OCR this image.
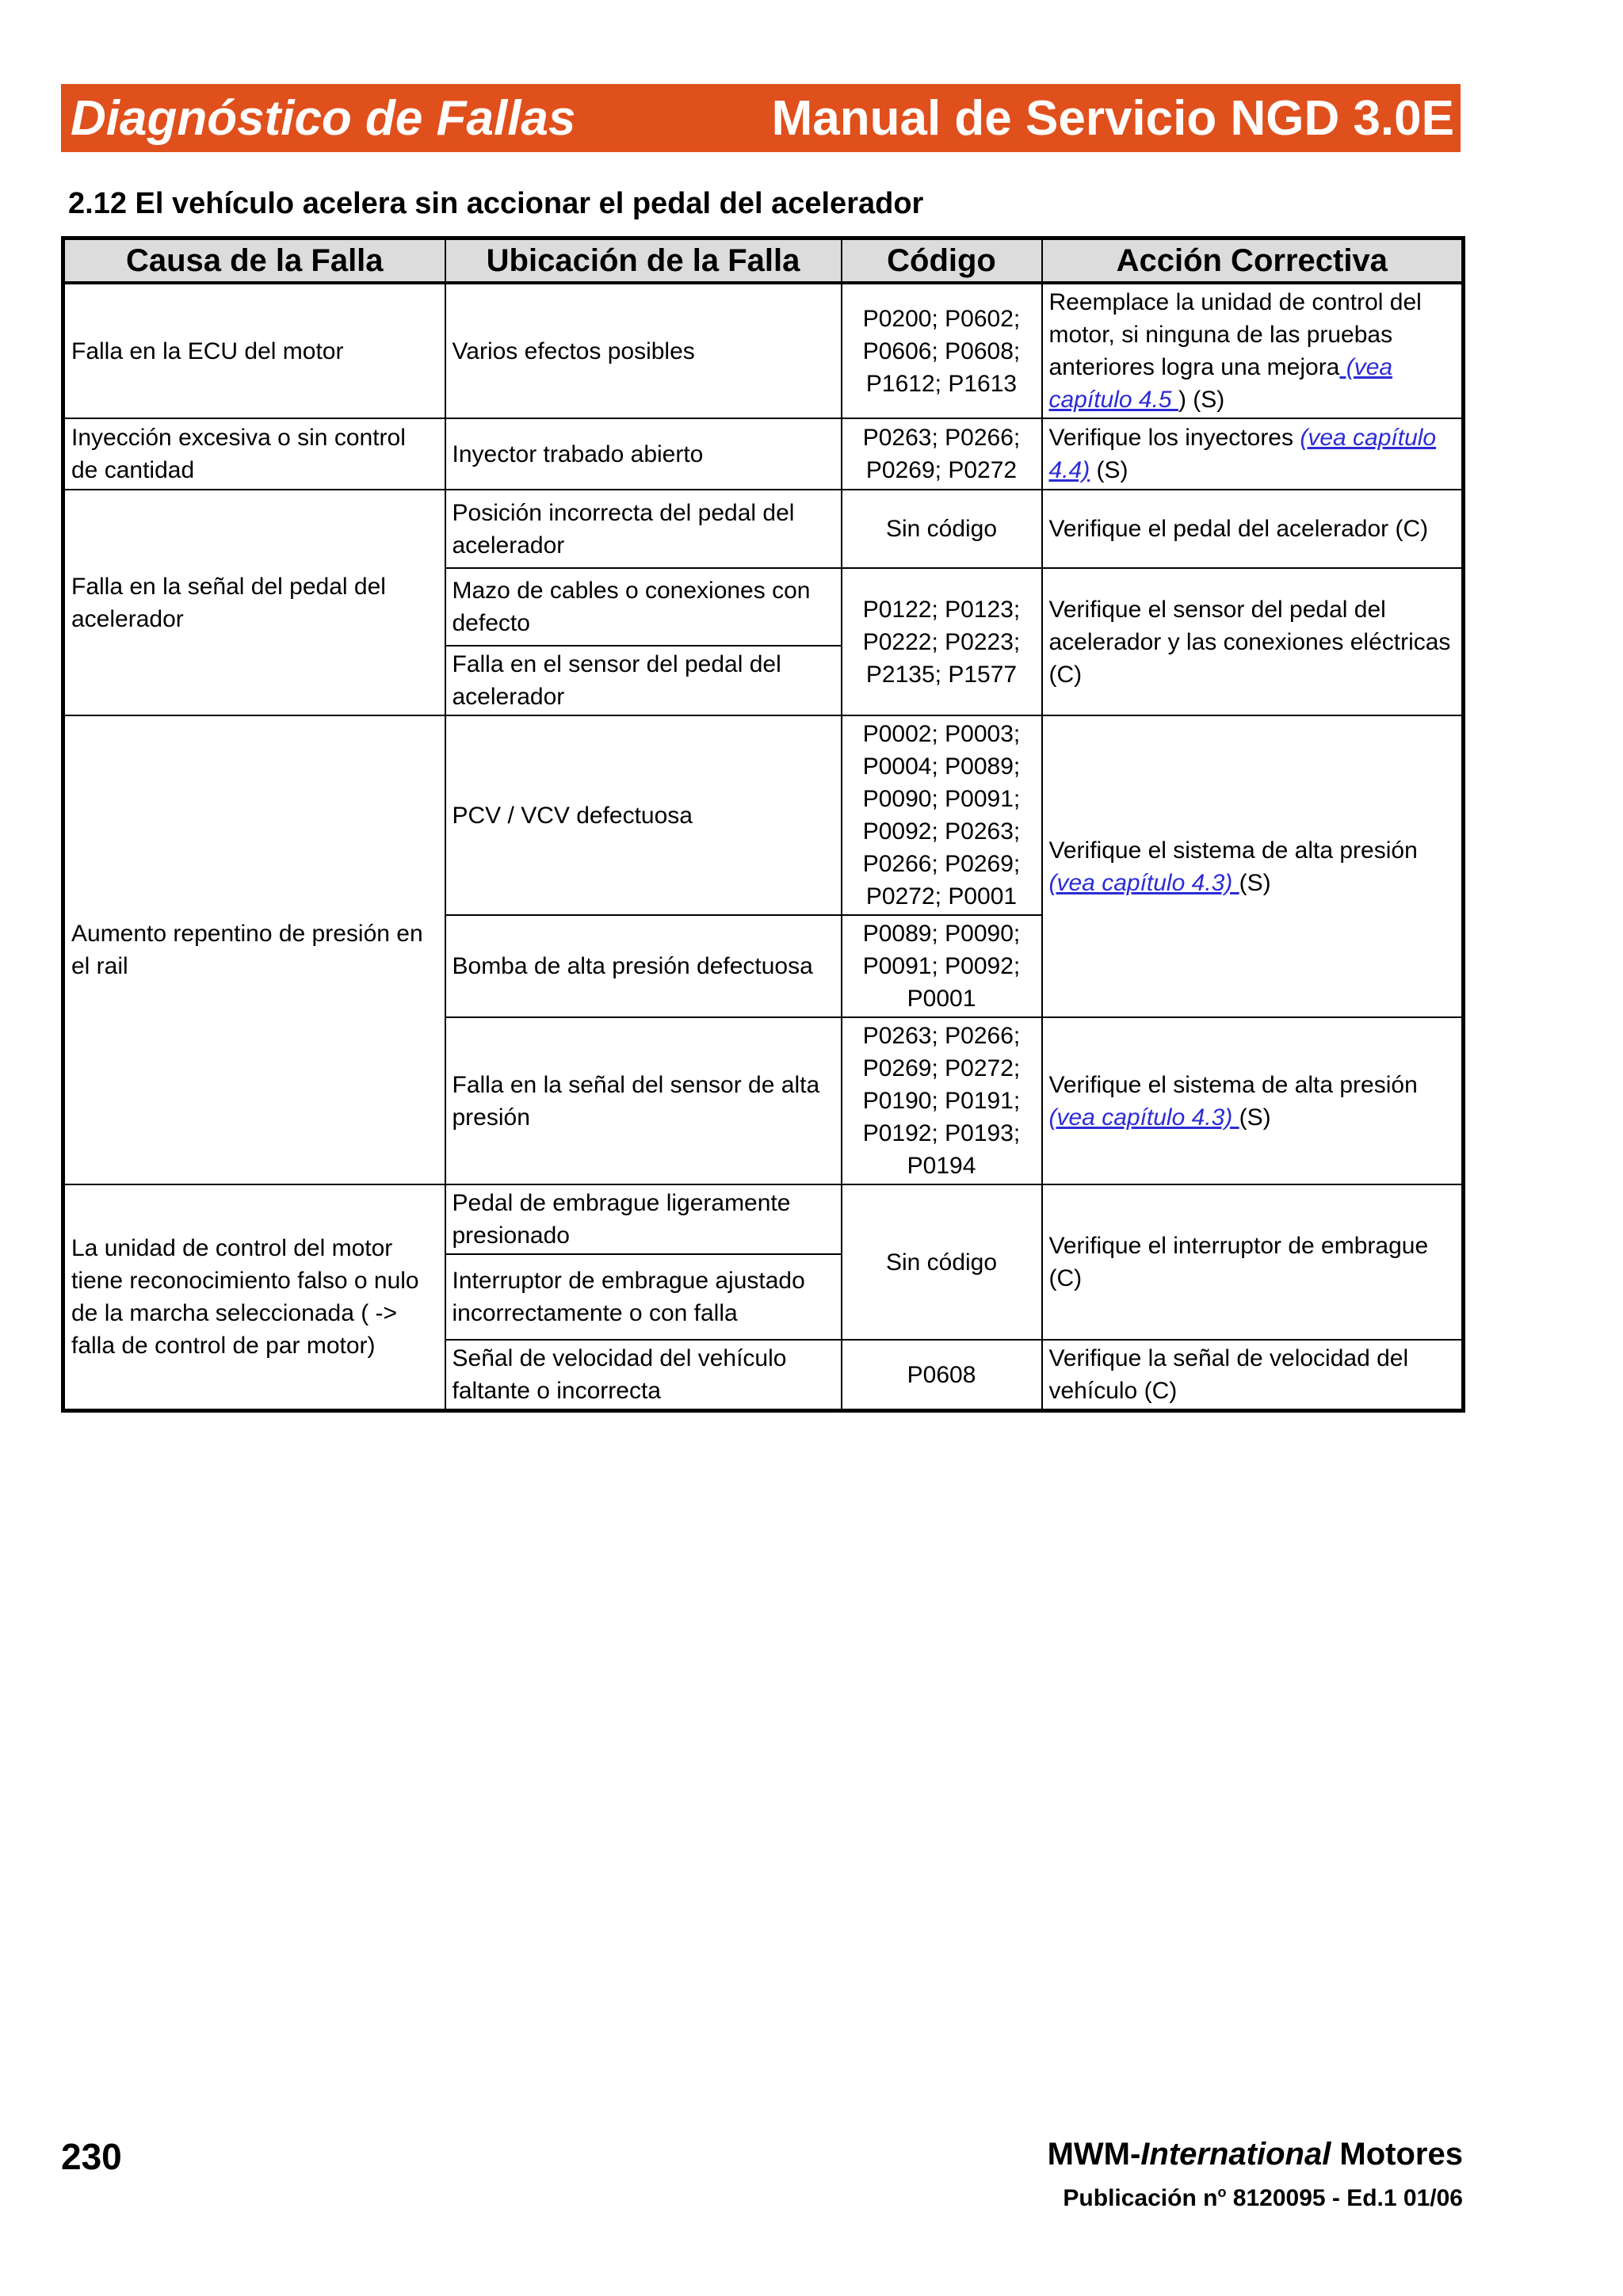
Diagnóstico de Fallas	Manual de Servicio NGD 3.0E
2.12 El vehículo acelera sin accionar el pedal del acelerador
Causa de la Falla	Ubicación de la Falla	Código	Acción Correctiva
Falla en la ECU del motor	Varios efectos posibles	P0200; P0602; P0606; P0608; P1612; P1613	Reemplace la unidad de control del motor, si ninguna de las pruebas anteriores logra una mejora (vea capítulo 4.5 ) (S)
Inyección excesiva o sin control de cantidad	Inyector trabado abierto	P0263; P0266; P0269; P0272	Verifique los inyectores (vea capítulo 4.4) (S)
Falla en la señal del pedal del acelerador	Posición incorrecta del pedal del acelerador	Sin código	Verifique el pedal del acelerador (C)
	Mazo de cables o conexiones con defecto	P0122; P0123; P0222; P0223; P2135; P1577	Verifique el sensor del pedal del acelerador y las conexiones eléctricas (C)
	Falla en el sensor del pedal del acelerador		
Aumento repentino de presión en el rail	PCV / VCV defectuosa	P0002; P0003; P0004; P0089; P0090; P0091; P0092; P0263; P0266; P0269; P0272; P0001	Verifique el sistema de alta presión (vea capítulo 4.3) (S)
	Bomba de alta presión defectuosa	P0089; P0090; P0091; P0092; P0001	
	Falla en la señal del sensor de alta presión	P0263; P0266; P0269; P0272; P0190; P0191; P0192; P0193; P0194	Verifique el sistema de alta presión (vea capítulo 4.3) (S)
La unidad de control del motor tiene reconocimiento falso o nulo de la marcha seleccionada ( -> falla de control de par motor)	Pedal de embrague ligeramente presionado	Sin código	Verifique el interruptor de embrague (C)
	Interruptor de embrague ajustado incorrectamente o con falla		
	Señal de velocidad del vehículo faltante o incorrecta	P0608	Verifique la señal de velocidad del vehículo (C)
230	MWM-International Motores
Publicación $n^o$ 8120095 - Ed.1 01/06
